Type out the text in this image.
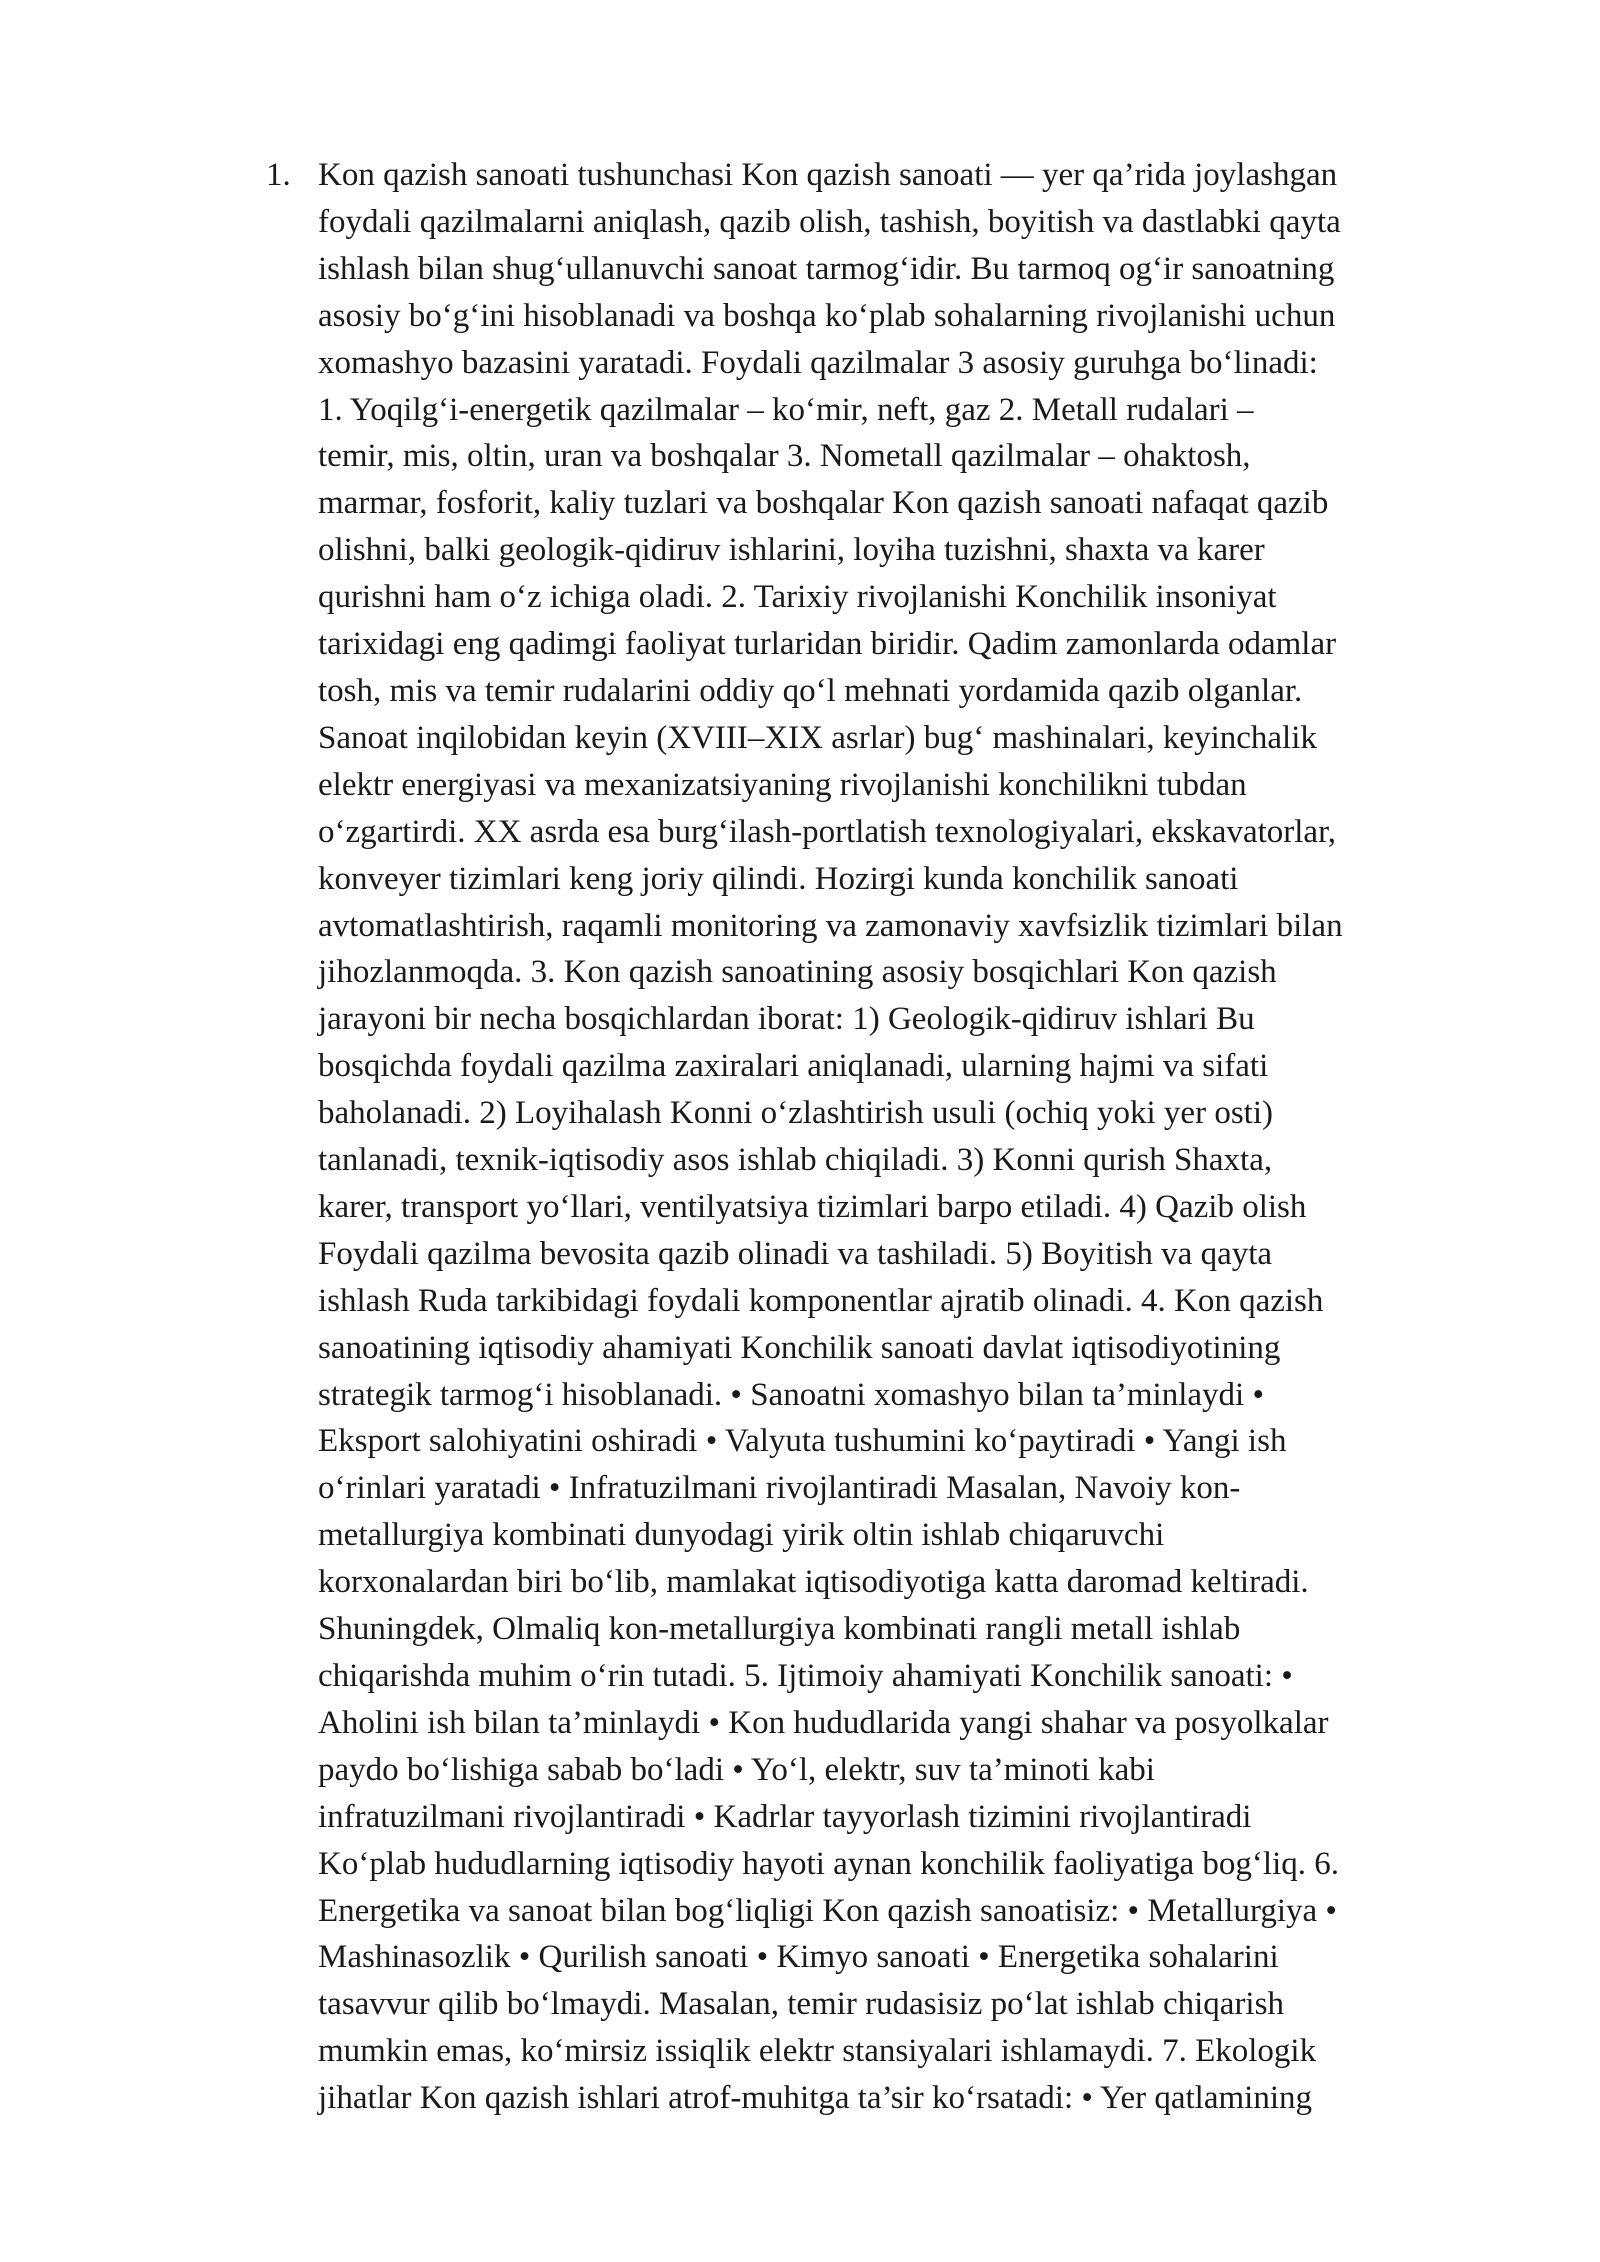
1. Kon qazish sanoati tushunchasi Kon qazish sanoati — yer qa’rida joylashgan
foydali qazilmalarni aniqlash, qazib olish, tashish, boyitish va dastlabki qayta
ishlash bilan shug‘ullanuvchi sanoat tarmog‘idir. Bu tarmoq og‘ir sanoatning
asosiy bo‘g‘ini hisoblanadi va boshqa ko‘plab sohalarning rivojlanishi uchun
xomashyo bazasini yaratadi. Foydali qazilmalar 3 asosiy guruhga bo‘linadi:
1. Yoqilg‘i-energetik qazilmalar – ko‘mir, neft, gaz 2. Metall rudalari –
temir, mis, oltin, uran va boshqalar 3. Nometall qazilmalar – ohaktosh,
marmar, fosforit, kaliy tuzlari va boshqalar Kon qazish sanoati nafaqat qazib
olishni, balki geologik-qidiruv ishlarini, loyiha tuzishni, shaxta va karer
qurishni ham o‘z ichiga oladi. 2. Tarixiy rivojlanishi Konchilik insoniyat
tarixidagi eng qadimgi faoliyat turlaridan biridir. Qadim zamonlarda odamlar
tosh, mis va temir rudalarini oddiy qo‘l mehnati yordamida qazib olganlar.
Sanoat inqilobidan keyin (XVIII–XIX asrlar) bug‘ mashinalari, keyinchalik
elektr energiyasi va mexanizatsiyaning rivojlanishi konchilikni tubdan
o‘zgartirdi. XX asrda esa burg‘ilash-portlatish texnologiyalari, ekskavatorlar,
konveyer tizimlari keng joriy qilindi. Hozirgi kunda konchilik sanoati
avtomatlashtirish, raqamli monitoring va zamonaviy xavfsizlik tizimlari bilan
jihozlanmoqda. 3. Kon qazish sanoatining asosiy bosqichlari Kon qazish
jarayoni bir necha bosqichlardan iborat: 1) Geologik-qidiruv ishlari Bu
bosqichda foydali qazilma zaxiralari aniqlanadi, ularning hajmi va sifati
baholanadi. 2) Loyihalash Konni o‘zlashtirish usuli (ochiq yoki yer osti)
tanlanadi, texnik-iqtisodiy asos ishlab chiqiladi. 3) Konni qurish Shaxta,
karer, transport yo‘llari, ventilyatsiya tizimlari barpo etiladi. 4) Qazib olish
Foydali qazilma bevosita qazib olinadi va tashiladi. 5) Boyitish va qayta
ishlash Ruda tarkibidagi foydali komponentlar ajratib olinadi. 4. Kon qazish
sanoatining iqtisodiy ahamiyati Konchilik sanoati davlat iqtisodiyotining
strategik tarmog‘i hisoblanadi. • Sanoatni xomashyo bilan ta’minlaydi •
Eksport salohiyatini oshiradi • Valyuta tushumini ko‘paytiradi • Yangi ish
o‘rinlari yaratadi • Infratuzilmani rivojlantiradi Masalan, Navoiy kon-
metallurgiya kombinati dunyodagi yirik oltin ishlab chiqaruvchi
korxonalardan biri bo‘lib, mamlakat iqtisodiyotiga katta daromad keltiradi.
Shuningdek, Olmaliq kon-metallurgiya kombinati rangli metall ishlab
chiqarishda muhim o‘rin tutadi. 5. Ijtimoiy ahamiyati Konchilik sanoati: •
Aholini ish bilan ta’minlaydi • Kon hududlarida yangi shahar va posyolkalar
paydo bo‘lishiga sabab bo‘ladi • Yo‘l, elektr, suv ta’minoti kabi
infratuzilmani rivojlantiradi • Kadrlar tayyorlash tizimini rivojlantiradi
Ko‘plab hududlarning iqtisodiy hayoti aynan konchilik faoliyatiga bog‘liq. 6.
Energetika va sanoat bilan bog‘liqligi Kon qazish sanoatisiz: • Metallurgiya •
Mashinasozlik • Qurilish sanoati • Kimyo sanoati • Energetika sohalarini
tasavvur qilib bo‘lmaydi. Masalan, temir rudasisiz po‘lat ishlab chiqarish
mumkin emas, ko‘mirsiz issiqlik elektr stansiyalari ishlamaydi. 7. Ekologik
jihatlar Kon qazish ishlari atrof-muhitga ta’sir ko‘rsatadi: • Yer qatlamining
